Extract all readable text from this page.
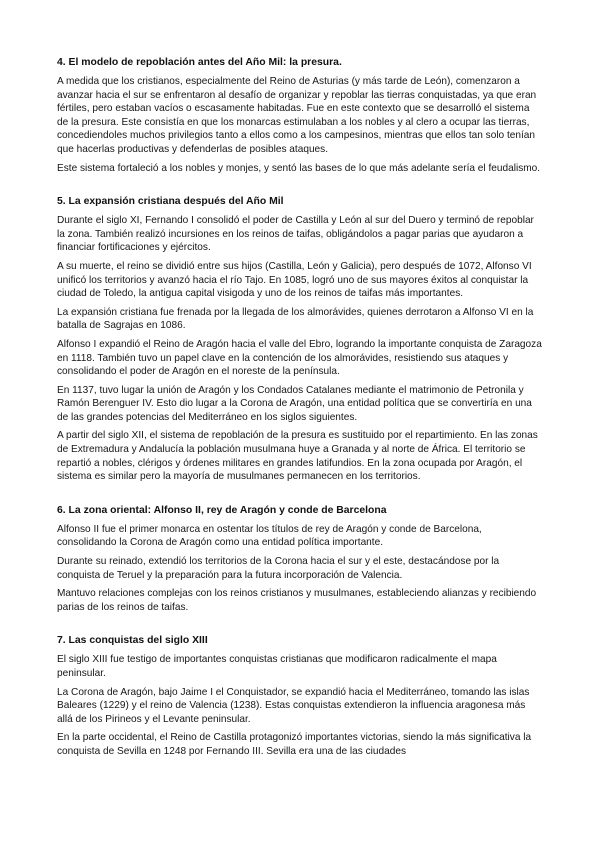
4. El modelo de repoblación antes del Año Mil: la presura.

A medida que los cristianos, especialmente del Reino de Asturias (y más tarde de León), comenzaron a avanzar hacia el sur se enfrentaron al desafío de organizar y repoblar las tierras conquistadas, ya que eran fértiles, pero estaban vacíos o escasamente habitadas. Fue en este contexto que se desarrolló el sistema de la presura. Este consistía en que los monarcas estimulaban a los nobles y al clero a ocupar las tierras, concediendoles muchos privilegios tanto a ellos como a los campesinos, mientras que ellos tan solo tenían que hacerlas productivas y defenderlas de posibles ataques.

Este sistema fortaleció a los nobles y monjes, y sentó las bases de lo que más adelante sería el feudalismo.

5. La expansión cristiana después del Año Mil

Durante el siglo XI, Fernando I consolidó el poder de Castilla y León al sur del Duero y terminó de repoblar la zona. También realizó incursiones en los reinos de taifas, obligándolos a pagar parias que ayudaron a financiar fortificaciones y ejércitos.

A su muerte, el reino se dividió entre sus hijos (Castilla, León y Galicia), pero después de 1072, Alfonso VI unificó los territorios y avanzó hacia el río Tajo. En 1085, logró uno de sus mayores éxitos al conquistar la ciudad de Toledo, la antigua capital visigoda y uno de los reinos de taifas más importantes.

La expansión cristiana fue frenada por la llegada de los almorávides, quienes derrotaron a Alfonso VI en la batalla de Sagrajas en 1086.

Alfonso I expandió el Reino de Aragón hacia el valle del Ebro, logrando la importante conquista de Zaragoza en 1118. También tuvo un papel clave en la contención de los almorávides, resistiendo sus ataques y consolidando el poder de Aragón en el noreste de la península.

En 1137, tuvo lugar la unión de Aragón y los Condados Catalanes mediante el matrimonio de Petronila y Ramón Berenguer IV. Esto dio lugar a la Corona de Aragón, una entidad política que se convertiría en una de las grandes potencias del Mediterráneo en los siglos siguientes.

A partir del siglo XII, el sistema de repoblación de la presura es sustituido por el repartimiento. En las zonas de Extremadura y Andalucía la población musulmana huye a Granada y al norte de África. El territorio se repartió a nobles, clérigos y órdenes militares en grandes latifundios. En la zona ocupada por Aragón, el sistema es similar pero la mayoría de musulmanes permanecen en los territorios.

6. La zona oriental: Alfonso II, rey de Aragón y conde de Barcelona

Alfonso II fue el primer monarca en ostentar los títulos de rey de Aragón y conde de Barcelona, consolidando la Corona de Aragón como una entidad política importante.

Durante su reinado, extendió los territorios de la Corona hacia el sur y el este, destacándose por la conquista de Teruel y la preparación para la futura incorporación de Valencia.

Mantuvo relaciones complejas con los reinos cristianos y musulmanes, estableciendo alianzas y recibiendo parias de los reinos de taifas.

7. Las conquistas del siglo XIII

El siglo XIII fue testigo de importantes conquistas cristianas que modificaron radicalmente el mapa peninsular.

La Corona de Aragón, bajo Jaime I el Conquistador, se expandió hacia el Mediterráneo, tomando las islas Baleares (1229) y el reino de Valencia (1238). Estas conquistas extendieron la influencia aragonesa más allá de los Pirineos y el Levante peninsular.

En la parte occidental, el Reino de Castilla protagonizó importantes victorias, siendo la más significativa la conquista de Sevilla en 1248 por Fernando III. Sevilla era una de las ciudades
